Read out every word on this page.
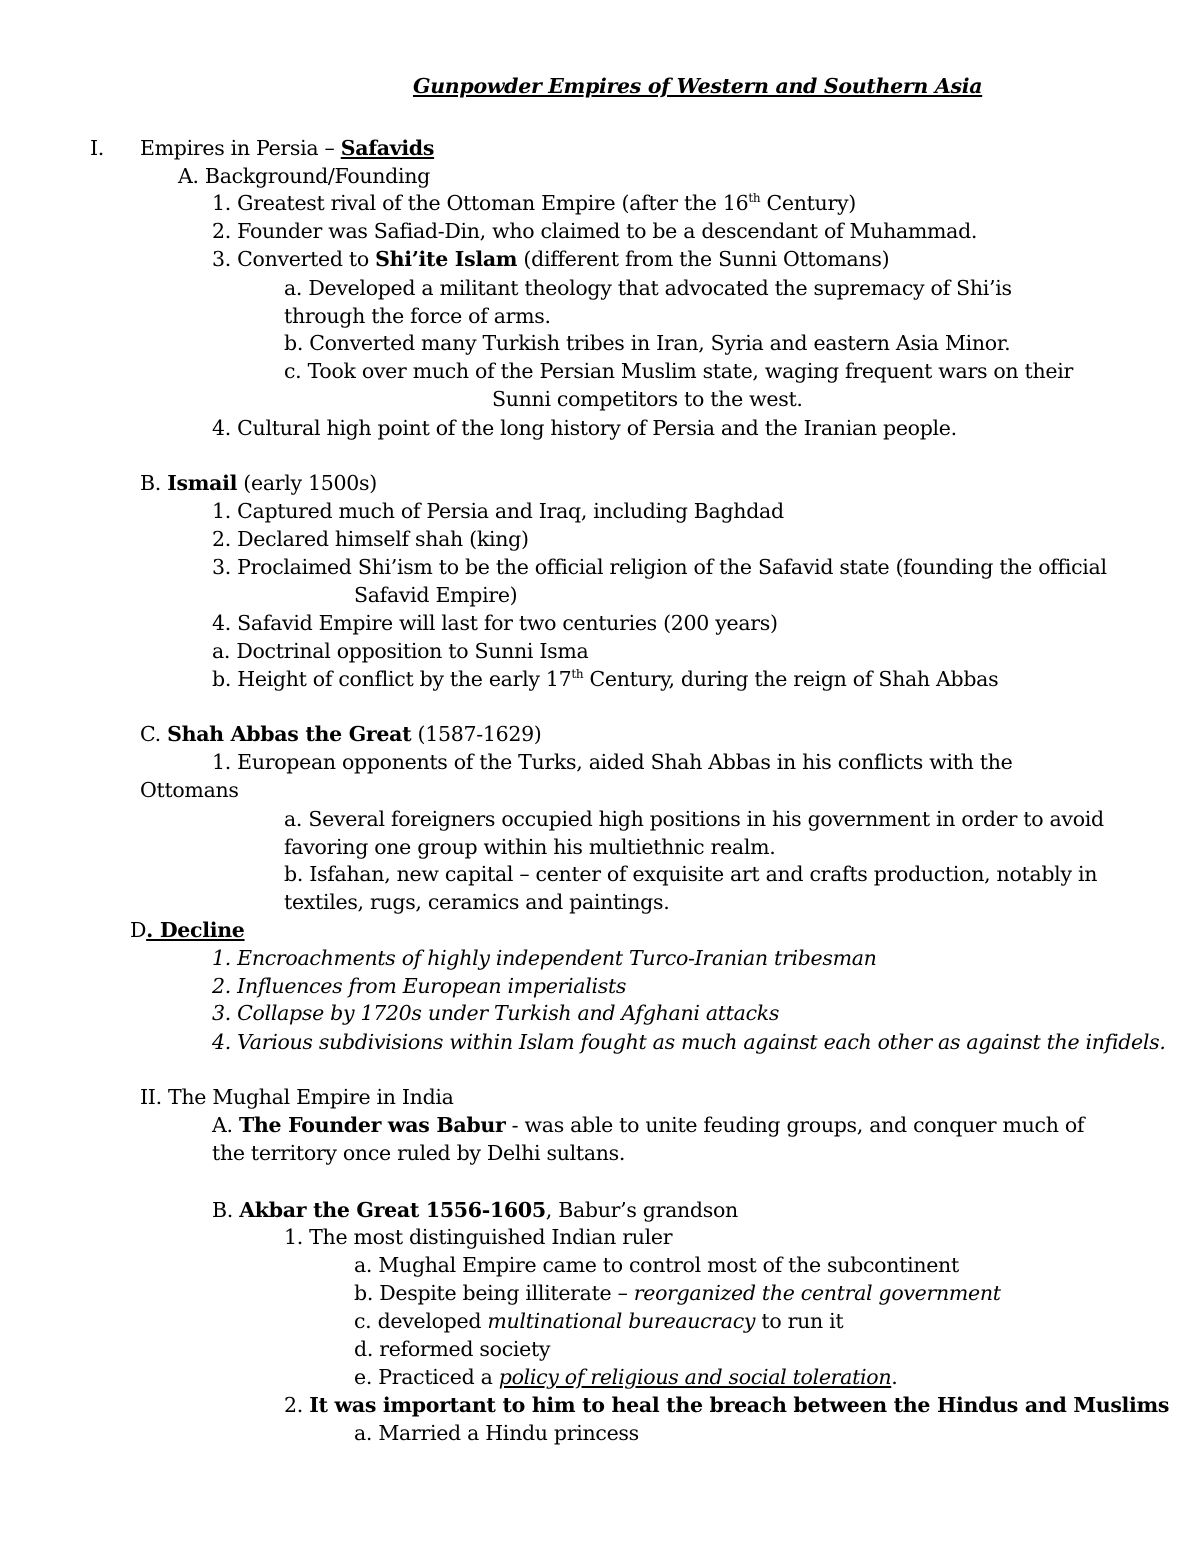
Gunpowder Empires of Western and Southern Asia
I. Empires in Persia – Safavids
A. Background/Founding
1. Greatest rival of the Ottoman Empire (after the 16th Century)
2. Founder was Safiad-Din, who claimed to be a descendant of Muhammad.
3. Converted to Shi’ite Islam (different from the Sunni Ottomans)
a. Developed a militant theology that advocated the supremacy of Shi’is
through the force of arms.
b. Converted many Turkish tribes in Iran, Syria and eastern Asia Minor.
c. Took over much of the Persian Muslim state, waging frequent wars on their
Sunni competitors to the west.
4. Cultural high point of the long history of Persia and the Iranian people.
B. Ismail (early 1500s)
1. Captured much of Persia and Iraq, including Baghdad
2. Declared himself shah (king)
3. Proclaimed Shi’ism to be the official religion of the Safavid state (founding the official
Safavid Empire)
4. Safavid Empire will last for two centuries (200 years)
a. Doctrinal opposition to Sunni Isma
b. Height of conflict by the early 17th Century, during the reign of Shah Abbas
C. Shah Abbas the Great (1587-1629)
1. European opponents of the Turks, aided Shah Abbas in his conflicts with the
Ottomans
a. Several foreigners occupied high positions in his government in order to avoid
favoring one group within his multiethnic realm.
b. Isfahan, new capital – center of exquisite art and crafts production, notably in
textiles, rugs, ceramics and paintings.
D. Decline
1. Encroachments of highly independent Turco-Iranian tribesman
2. Influences from European imperialists
3. Collapse by 1720s under Turkish and Afghani attacks
4. Various subdivisions within Islam fought as much against each other as against the infidels.
II. The Mughal Empire in India
A. The Founder was Babur - was able to unite feuding groups, and conquer much of
the territory once ruled by Delhi sultans.
B. Akbar the Great 1556-1605, Babur’s grandson
1. The most distinguished Indian ruler
a. Mughal Empire came to control most of the subcontinent
b. Despite being illiterate – reorganized the central government
c. developed multinational bureaucracy to run it
d. reformed society
e. Practiced a policy of religious and social toleration.
2. It was important to him to heal the breach between the Hindus and Muslims
a. Married a Hindu princess
